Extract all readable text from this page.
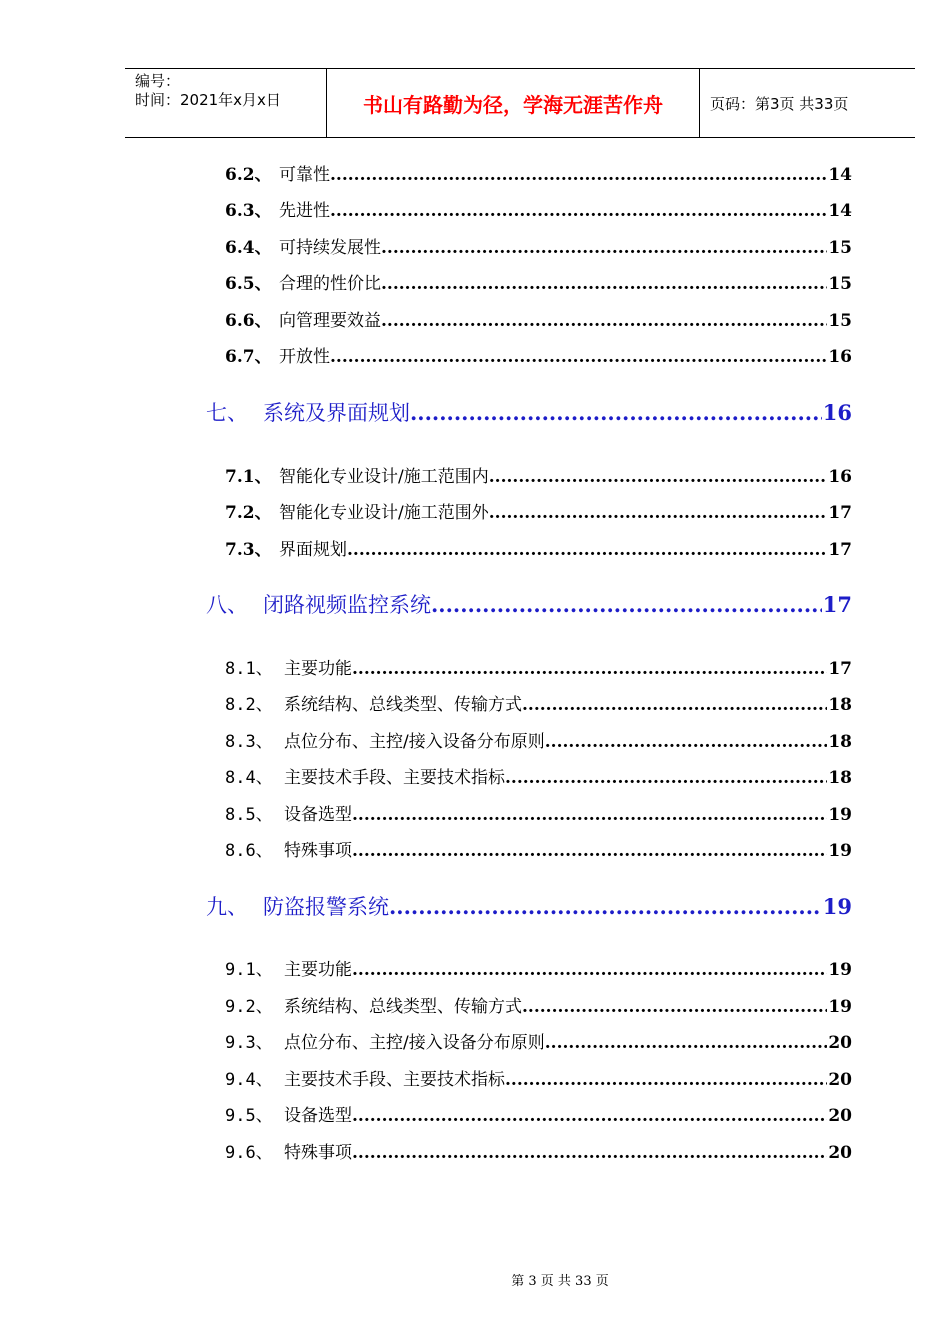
编号：
时间：2021年x月x日	书山有路勤为径，学海无涯苦作舟	页码：第3页 共33页
6.2、 可靠性 .....	14
6.3、 先进性 .....	14
6.4、 可持续发展性 .....	15
6.5、 合理的性价比 .....	15
6.6、 向管理要效益 .....	15
6.7、 开放性 .....	16
七、 系统及界面规划 .....	16
7.1、 智能化专业设计/施工范围内 .....	16
7.2、 智能化专业设计/施工范围外 .....	17
7.3、 界面规划 .....	17
八、 闭路视频监控系统 .....	17
8.1、 主要功能 .....	17
8.2、 系统结构、总线类型、传输方式 .....	18
8.3、 点位分布、主控/接入设备分布原则 .....	18
8.4、 主要技术手段、主要技术指标 .....	18
8.5、 设备选型 .....	19
8.6、 特殊事项 .....	19
九、 防盗报警系统 .....	19
9.1、 主要功能 .....	19
9.2、 系统结构、总线类型、传输方式 .....	19
9.3、 点位分布、主控/接入设备分布原则 .....	20
9.4、 主要技术手段、主要技术指标 .....	20
9.5、 设备选型 .....	20
9.6、 特殊事项 .....	20
第 3 页 共 33 页
